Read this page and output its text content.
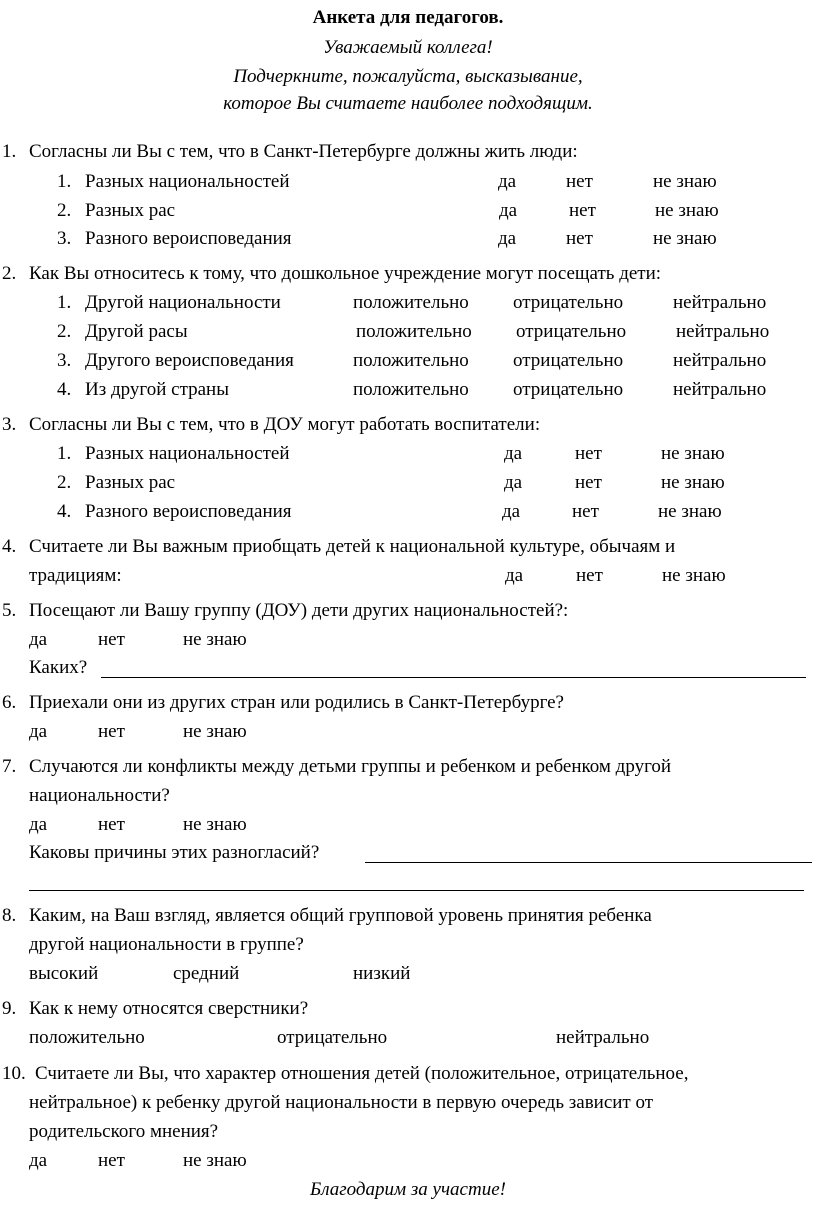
Анкета для педагогов.
Уважаемый коллега!
Подчеркните, пожалуйста, высказывание,
которое Вы считаете наиболее подходящим.
1. Согласны ли Вы с тем, что в Санкт-Петербурге должны жить люди:
1. Разных национальностей	да	нет	не знаю
2. Разных рас	да	нет	не знаю
3. Разного вероисповедания	да	нет	не знаю
2. Как Вы относитесь к тому, что дошкольное учреждение могут посещать дети:
1. Другой национальности	положительно отрицательно	нейтрально
2. Другой расы	положительно отрицательно	нейтрально
3. Другого вероисповедания	положительно отрицательно	нейтрально
4. Из другой страны	положительно отрицательно	нейтрально
3. Согласны ли Вы с тем, что в ДОУ могут работать воспитатели:
1. Разных национальностей	да	нет	не знаю
2. Разных рас	да	нет	не знаю
4. Разного вероисповедания	да	нет	не знаю
4. Считаете ли Вы важным приобщать детей к национальной культуре, обычаям и
традициям:	да	нет	не знаю
5. Посещают ли Вашу группу (ДОУ) дети других национальностей?:
да	нет	не знаю
Каких?
6. Приехали они из других стран или родились в Санкт-Петербурге?
да	нет	не знаю
7. Случаются ли конфликты между детьми группы и ребенком и ребенком другой
национальности?
да	нет	не знаю
Каковы причины этих разногласий?
8. Каким, на Ваш взгляд, является общий групповой уровень принятия ребенка
другой национальности в группе?
высокий	средний	низкий
9. Как к нему относятся сверстники?
положительно	отрицательно	нейтрально
10. Считаете ли Вы, что характер отношения детей (положительное, отрицательное,
нейтральное) к ребенку другой национальности в первую очередь зависит от
родительского мнения?
да	нет	не знаю
Благодарим за участие!
